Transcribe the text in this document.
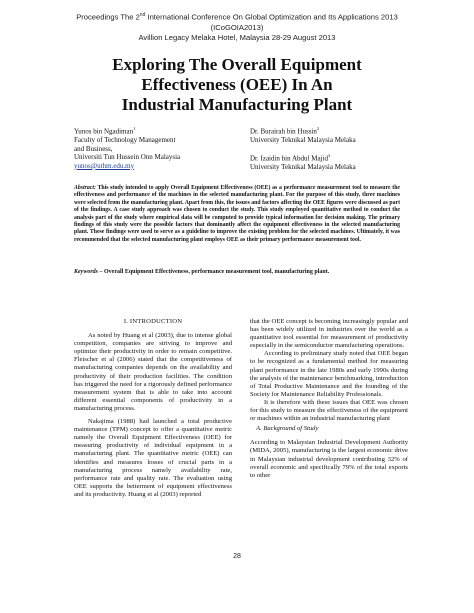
Proceedings The 2nd International Conference On Global Optimization and Its Applications 2013
(ICoGOIA2013)
Avillion Legacy Melaka Hotel, Malaysia 28-29 August 2013
Exploring The Overall Equipment
Effectiveness (OEE) In An
Industrial Manufacturing Plant
Yunos bin Ngadiman$^1$
Faculty of Technology Management
and Business,
Universiti Tun Hussein Onn Malaysia
yunos@uthm.edu.my
Dr. Burairah bin Hussin$^2$
University Teknikal Malaysia Melaka
Dr. Izaidin bin Abdul Majid$^3$
University Teknikal Malaysia Melaka
Abstract: This study intended to apply Overall Equipment Effectiveness (OEE) as a performance measurement tool to measure the effectiveness and performance of the machines in the selected manufacturing plant. For the purpose of this study, three machines were selected from the manufacturing plant. Apart from this, the issues and factors affecting the OEE figures were discussed as part of the findings. A case study approach was chosen to conduct the study. This study employed quantitative method to conduct the analysis part of the study where empirical data will be computed to provide typical information for decision making. The primary findings of this study were the possible factors that dominantly affect the equipment effectiveness in the selected manufacturing plant. These findings were used to serve as a guideline to improve the existing problem for the selected machines. Ultimately, it was recommended that the selected manufacturing plant employs OEE as their primary performance measurement tool.
Keywords – Overall Equipment Effectiveness, performance measurement tool, manufacturing plant.
I. INTRODUCTION

As noted by Huang et al (2003), due to intense global competition, companies are striving to improve and optimize their productivity in order to remain competitive. Fleischer et al (2006) stated that the competitiveness of manufacturing companies depends on the availability and productivity of their production facilities. The condition has triggered the need for a rigorously defined performance measurement system that is able to take into account different essential components of productivity in a manufacturing process.

Nakajima (1988) had launched a total productive maintenance (TPM) concept to offer a quantitative metric namely the Overall Equipment Effectiveness (OEE) for measuring productivity of individual equipment in a manufacturing plant. The quantitative metric (OEE) can identifies and measures losses of crucial parts in a manufacturing process namely availability rate, performance rate and quality rate. The evaluation using OEE supports the betterment of equipment effectiveness and its productivity. Huang et al (2003) reported

that the OEE concept is becoming increasingly popular and has been widely utilized in industries over the world as a quantitative tool essential for measurement of productivity especially in the semiconductor manufacturing operations.

According to preliminary study noted that OEE began to be recognized as a fundamental method for measuring plant performance in the late 1980s and early 1990s during the analysis of the maintenance benchmarking, introduction of Total Productive Maintenance and the founding of the Society for Maintenance Reliability Professionals.

It is therefore with these issues that OEE was chosen for this study to measure the effectiveness of the equipment or machines within an industrial manufacturing plant

A. Background of Study

According to Malaysian Industrial Development Authority (MIDA, 2005), manufacturing is the largest economic drive in Malaysian industrial development contributing 32% of overall economic and specifically 79% of the total exports to other

28
